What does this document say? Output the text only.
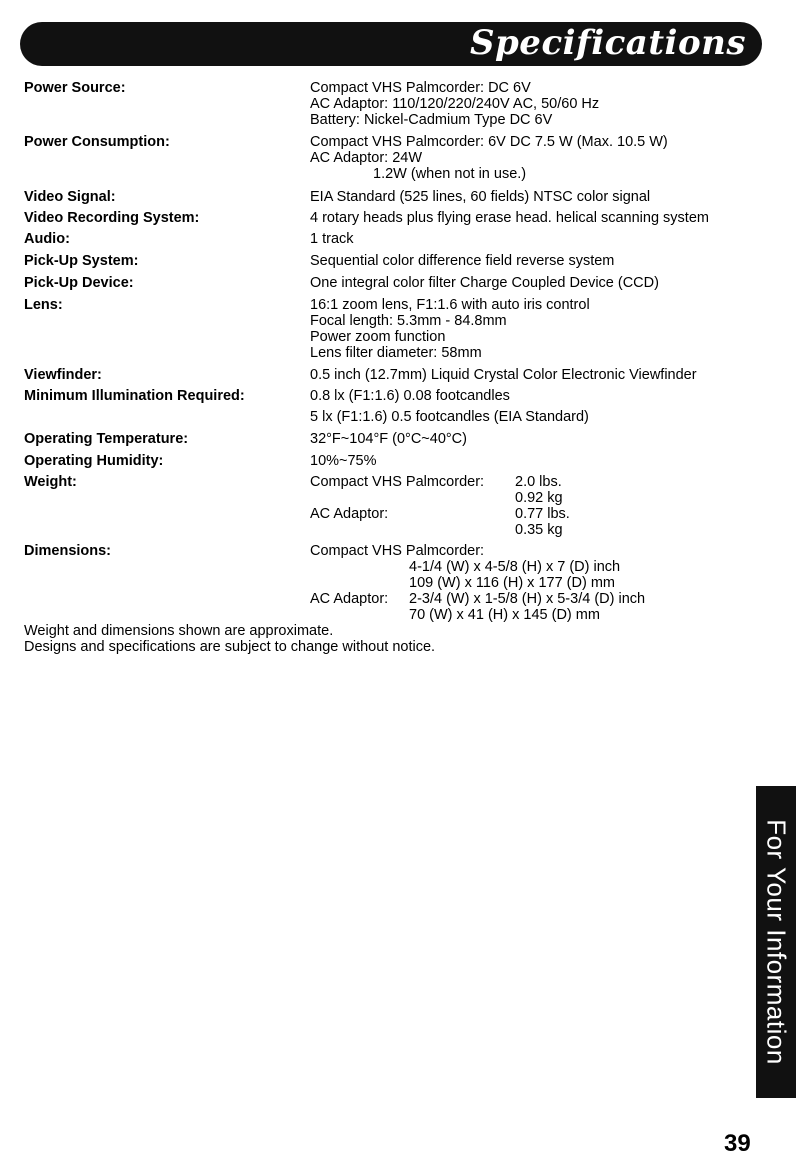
Specifications
Power Source:	Compact VHS Palmcorder: DC 6V
AC Adaptor: 110/120/220/240V AC, 50/60 Hz
Battery: Nickel-Cadmium Type DC 6V
Power Consumption:	Compact VHS Palmcorder: 6V DC 7.5 W (Max. 10.5 W)
AC Adaptor: 24W
1.2W (when not in use.)
Video Signal:	EIA Standard (525 lines, 60 fields) NTSC color signal
Video Recording System:	4 rotary heads plus flying erase head. helical scanning system
Audio:	1 track
Pick-Up System:	Sequential color difference field reverse system
Pick-Up Device:	One integral color filter Charge Coupled Device (CCD)
Lens:	16:1 zoom lens, F1:1.6 with auto iris control
Focal length: 5.3mm - 84.8mm
Power zoom function
Lens filter diameter: 58mm
Viewfinder:	0.5 inch (12.7mm) Liquid Crystal Color Electronic Viewfinder
Minimum Illumination Required:	0.8 lx (F1:1.6) 0.08 footcandles
5 lx (F1:1.6) 0.5 footcandles (EIA Standard)
Operating Temperature:	32°F~104°F (0°C~40°C)
Operating Humidity:	10%~75%
Weight:	Compact VHS Palmcorder: 2.0 lbs.
0.92 kg
AC Adaptor:	0.77 lbs.
0.35 kg
Dimensions:	Compact VHS Palmcorder:
4-1/4 (W) x 4-5/8 (H) x 7 (D) inch
109 (W) x 116 (H) x 177 (D) mm
AC Adaptor: 2-3/4 (W) x 1-5/8 (H) x 5-3/4 (D) inch
70 (W) x 41 (H) x 145 (D) mm
Weight and dimensions shown are approximate.
Designs and specifications are subject to change without notice.
For Your Information
39
